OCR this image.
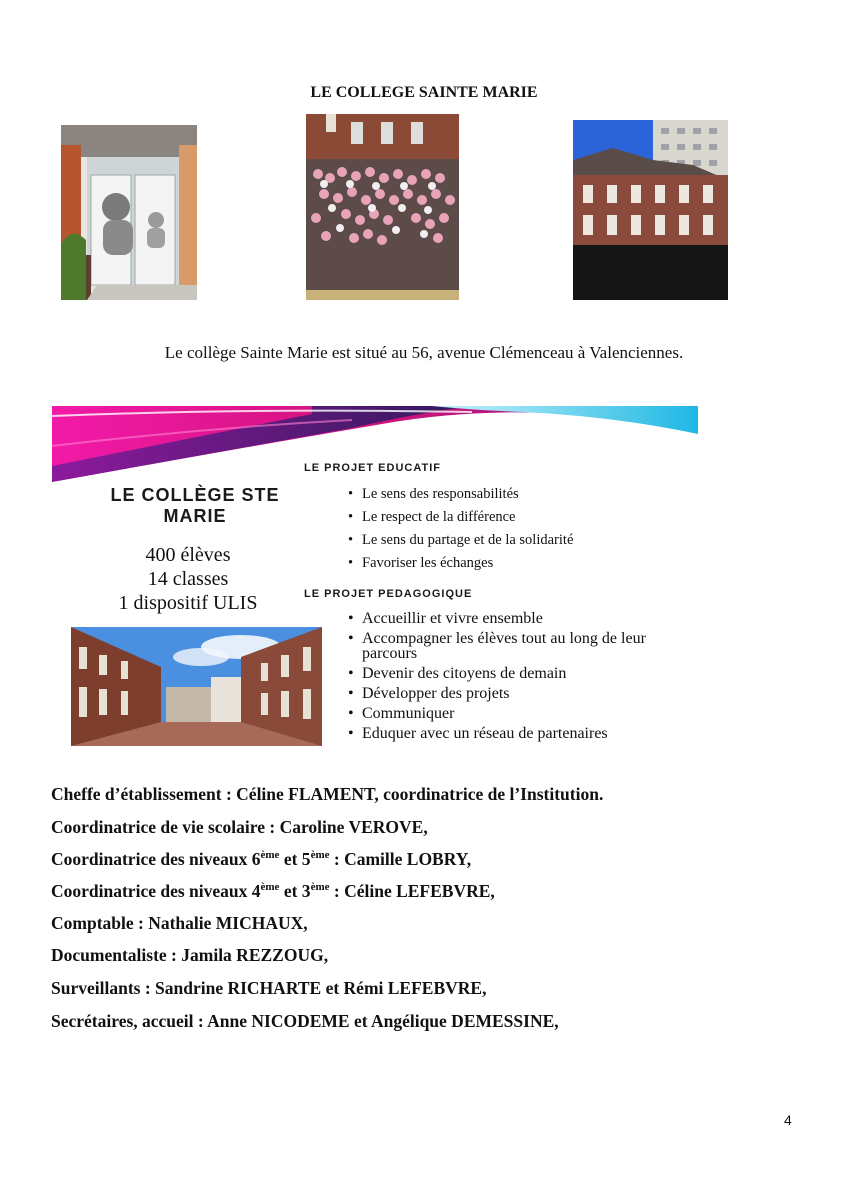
LE COLLEGE SAINTE MARIE
Le collège Sainte Marie est situé au 56, avenue Clémenceau à Valenciennes.
LE COLLÈGE STE MARIE
400 élèves
14 classes
1 dispositif ULIS
LE PROJET EDUCATIF
• Le sens des responsabilités
• Le respect de la différence
• Le sens du partage et de la solidarité
• Favoriser les échanges
LE PROJET PEDAGOGIQUE
• Accueillir et vivre ensemble
• Accompagner les élèves tout au long de leur parcours
• Devenir des citoyens de demain
• Développer des projets
• Communiquer
• Eduquer avec un réseau de partenaires
Cheffe d’établissement : Céline FLAMENT, coordinatrice de l’Institution.
Coordinatrice de vie scolaire : Caroline VEROVE,
Coordinatrice des niveaux 6ème et 5ème : Camille LOBRY,
Coordinatrice des niveaux 4ème et 3ème : Céline LEFEBVRE,
Comptable : Nathalie MICHAUX,
Documentaliste : Jamila REZZOUG,
Surveillants : Sandrine RICHARTE et Rémi LEFEBVRE,
Secrétaires, accueil : Anne NICODEME et Angélique DEMESSINE,
4
